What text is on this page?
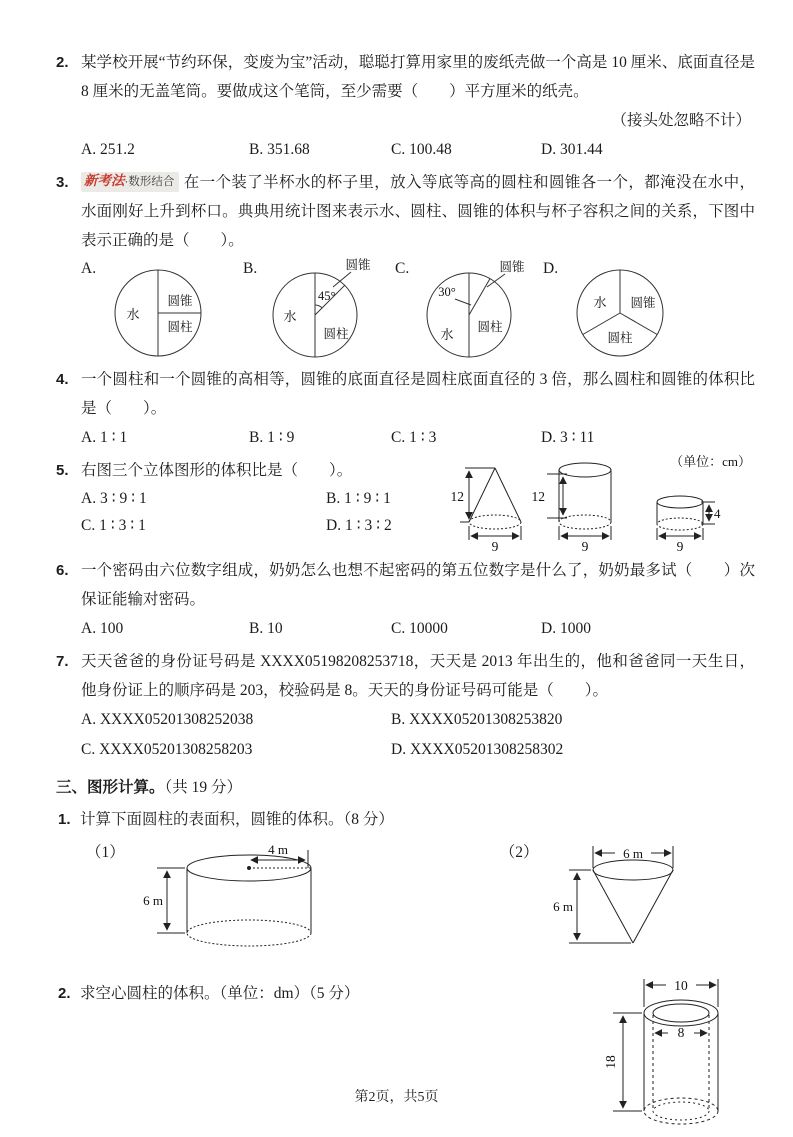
2. 某学校开展“节约环保，变废为宝”活动，聪聪打算用家里的废纸壳做一个高是 10 厘米、底面直径是 8 厘米的无盖笔筒。要做成这个笔筒，至少需要（　　）平方厘米的纸壳。
（接头处忽略不计）
A. 251.2	B. 351.68	C. 100.48	D. 301.44
3.	新考法·数形结合 在一个装了半杯水的杯子里，放入等底等高的圆柱和圆锥各一个，都淹没在水中，水面刚好上升到杯口。典典用统计图来表示水、圆柱、圆锥的体积与杯子容积之间的关系，下图中表示正确的是（　　）。
A.
水
圆锥
圆柱
B.	圆锥
45°
水
圆柱
C.
30°
圆锥
水 圆柱
D.
水 圆锥
圆柱
4. 一个圆柱和一个圆锥的高相等，圆锥的底面直径是圆柱底面直径的 3 倍，那么圆柱和圆锥的体积比是（　　）。
A. 1 ∶ 1	B. 1 ∶ 9	C. 1 ∶ 3	D. 3 ∶ 11
5. 右图三个立体图形的体积比是（　　）。
A. 3 ∶ 9 ∶ 1	B. 1 ∶ 9 ∶ 1
C. 1 ∶ 3 ∶ 1	D. 1 ∶ 3 ∶ 2
（单位：cm）
12
9
12
9
4
9
6. 一个密码由六位数字组成，奶奶怎么也想不起密码的第五位数字是什么了，奶奶最多试（　　）次保证能输对密码。
A. 100	B. 10	C. 10000	D. 1000
7. 天天爸爸的身份证号码是 XXXX05198208253718，天天是 2013 年出生的，他和爸爸同一天生日，他身份证上的顺序码是 203，校验码是 8。天天的身份证号码可能是（　　）。
A. XXXX05201308252038	B. XXXX05201308253820
C. XXXX05201308258203	D. XXXX05201308258302
三、图形计算。（共 19 分）
1. 计算下面圆柱的表面积，圆锥的体积。（8 分）
（1）	4 m
6 m
（2）	6 m
6 m
2. 求空心圆柱的体积。（单位：dm）（5 分）	10
8
18
第2页，共5页
